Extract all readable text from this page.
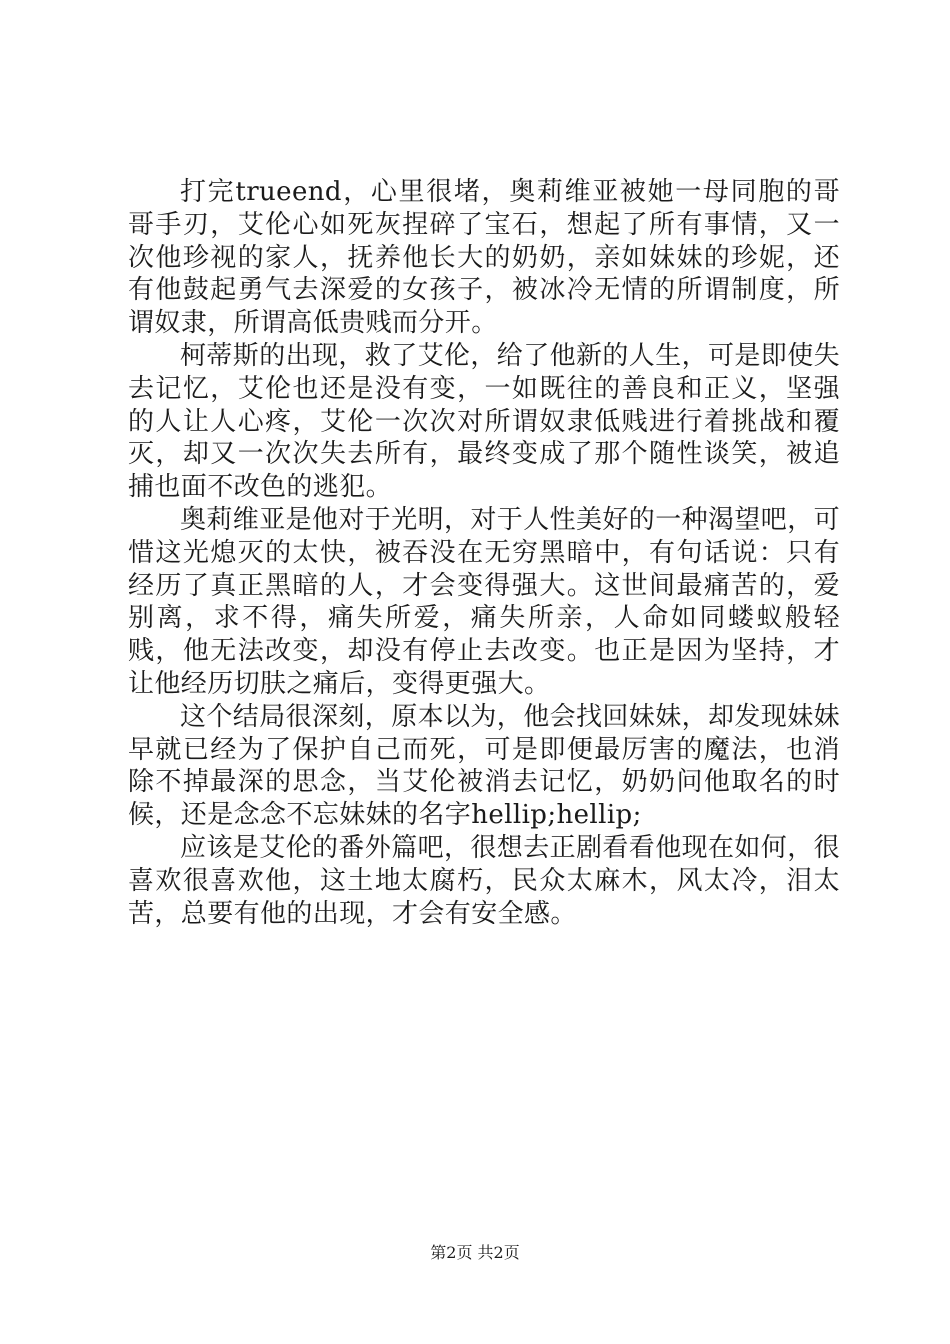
打完trueend，心里很堵，奥莉维亚被她一母同胞的哥哥手刃，艾伦心如死灰捏碎了宝石，想起了所有事情，又一次他珍视的家人，抚养他长大的奶奶，亲如妹妹的珍妮，还有他鼓起勇气去深爱的女孩子，被冰冷无情的所谓制度，所谓奴隶，所谓高低贵贱而分开。

柯蒂斯的出现，救了艾伦，给了他新的人生，可是即使失去记忆，艾伦也还是没有变，一如既往的善良和正义，坚强的人让人心疼，艾伦一次次对所谓奴隶低贱进行着挑战和覆灭，却又一次次失去所有，最终变成了那个随性谈笑，被追捕也面不改色的逃犯。

奥莉维亚是他对于光明，对于人性美好的一种渴望吧，可惜这光熄灭的太快，被吞没在无穷黑暗中，有句话说：只有经历了真正黑暗的人，才会变得强大。这世间最痛苦的，爱别离，求不得，痛失所爱，痛失所亲，人命如同蝼蚁般轻贱，他无法改变，却没有停止去改变。也正是因为坚持，才让他经历切肤之痛后，变得更强大。

这个结局很深刻，原本以为，他会找回妹妹，却发现妹妹早就已经为了保护自己而死，可是即便最厉害的魔法，也消除不掉最深的思念，当艾伦被消去记忆，奶奶问他取名的时候，还是念念不忘妹妹的名字hellip;hellip;

应该是艾伦的番外篇吧，很想去正剧看看他现在如何，很喜欢很喜欢他，这土地太腐朽，民众太麻木，风太冷，泪太苦，总要有他的出现，才会有安全感。

第2页 共2页
